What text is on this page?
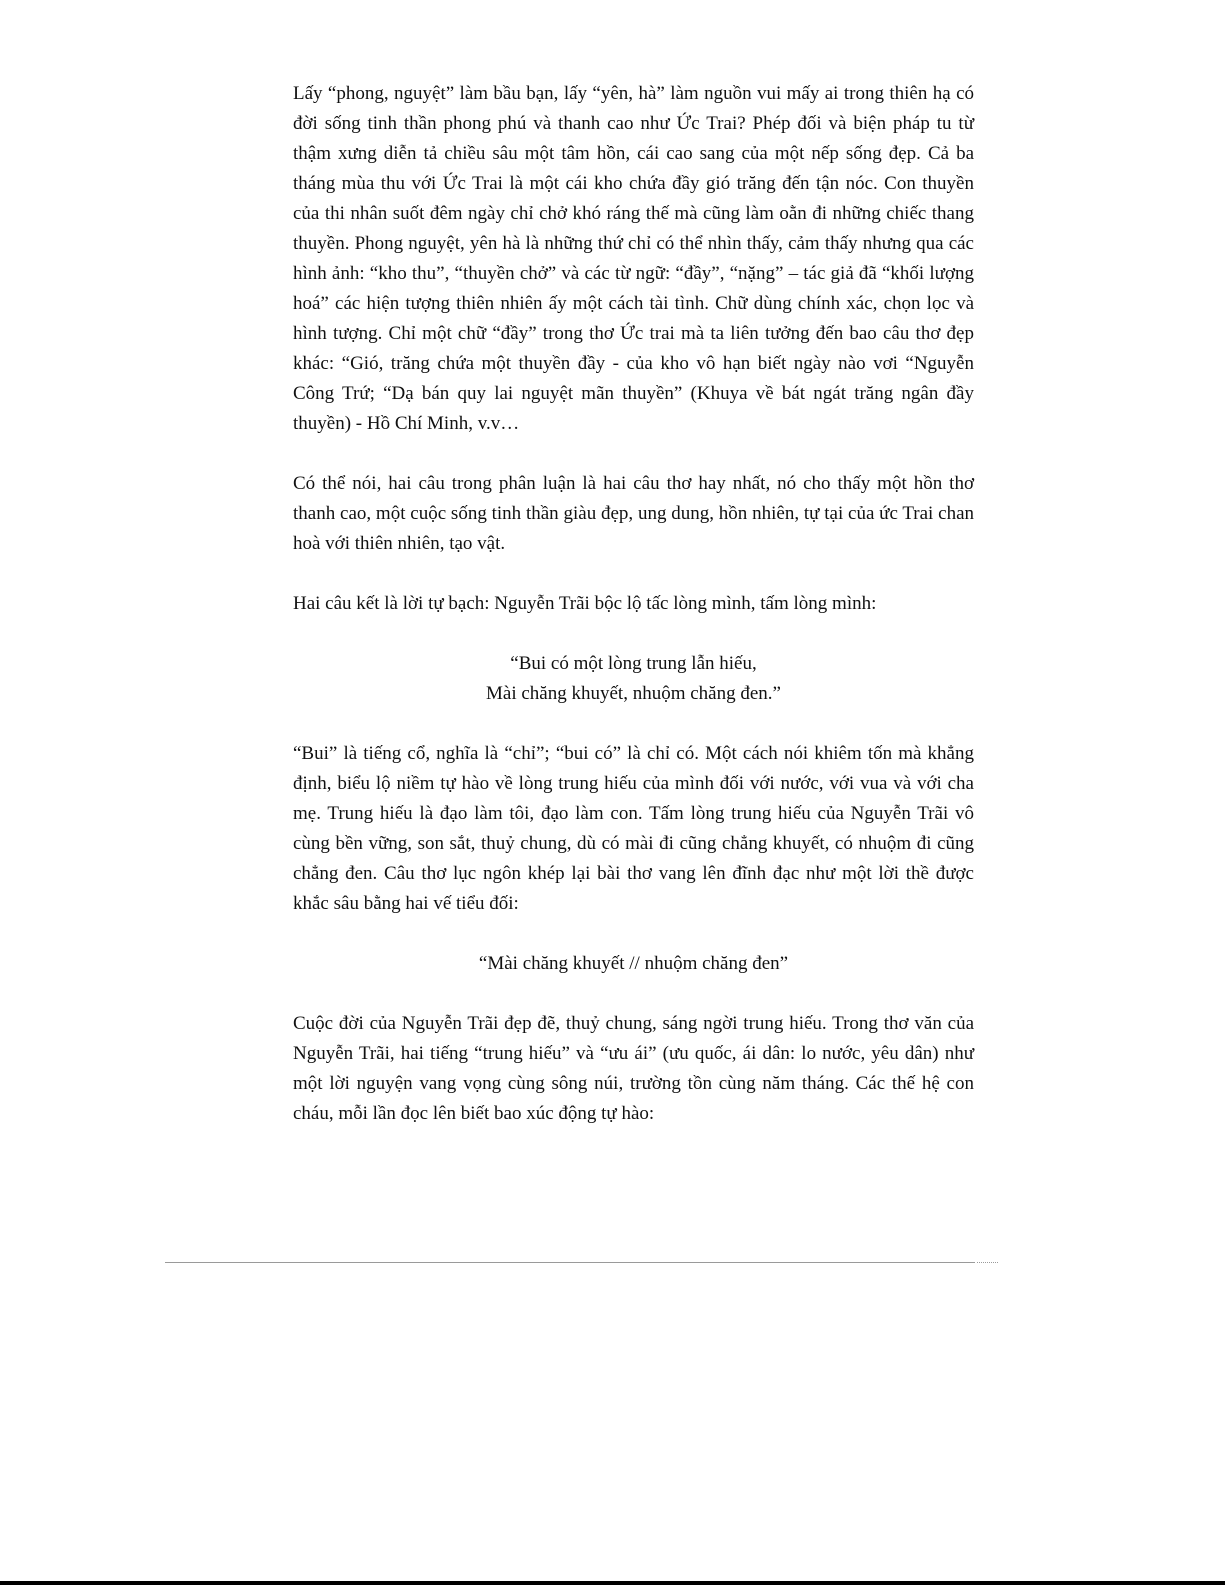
Lấy “phong, nguyệt” làm bầu bạn, lấy “yên, hà” làm nguồn vui mấy ai trong thiên hạ có đời sống tinh thần phong phú và thanh cao như Ức Trai? Phép đối và biện pháp tu từ thậm xưng diễn tả chiều sâu một tâm hồn, cái cao sang của một nếp sống đẹp. Cả ba tháng mùa thu với Ức Trai là một cái kho chứa đầy gió trăng đến tận nóc. Con thuyền của thi nhân suốt đêm ngày chỉ chở khó ráng thế mà cũng làm oằn đi những chiếc thang thuyền. Phong nguyệt, yên hà là những thứ chỉ có thể nhìn thấy, cảm thấy nhưng qua các hình ảnh: “kho thu”, “thuyền chở” và các từ ngữ: “đầy”, “nặng” – tác giả đã “khối lượng hoá” các hiện tượng thiên nhiên ấy một cách tài tình. Chữ dùng chính xác, chọn lọc và hình tượng. Chỉ một chữ “đầy” trong thơ Ức trai mà ta liên tưởng đến bao câu thơ đẹp khác: “Gió, trăng chứa một thuyền đầy - của kho vô hạn biết ngày nào vơi “Nguyễn Công Trứ; “Dạ bán quy lai nguyệt mãn thuyền” (Khuya về bát ngát trăng ngân đầy thuyền) - Hồ Chí Minh, v.v…

Có thể nói, hai câu trong phân luận là hai câu thơ hay nhất, nó cho thấy một hồn thơ thanh cao, một cuộc sống tinh thần giàu đẹp, ung dung, hồn nhiên, tự tại của ức Trai chan hoà với thiên nhiên, tạo vật.

Hai câu kết là lời tự bạch: Nguyễn Trãi bộc lộ tấc lòng mình, tấm lòng mình:

“Bui có một lòng trung lẫn hiếu,
Mài chăng khuyết, nhuộm chăng đen.”

“Bui” là tiếng cổ, nghĩa là “chỉ”; “bui có” là chỉ có. Một cách nói khiêm tốn mà khẳng định, biểu lộ niềm tự hào về lòng trung hiếu của mình đối với nước, với vua và với cha mẹ. Trung hiếu là đạo làm tôi, đạo làm con. Tấm lòng trung hiếu của Nguyễn Trãi vô cùng bền vững, son sắt, thuỷ chung, dù có mài đi cũng chẳng khuyết, có nhuộm đi cũng chẳng đen. Câu thơ lục ngôn khép lại bài thơ vang lên đĩnh đạc như một lời thề được khắc sâu bằng hai vế tiểu đối:

“Mài chăng khuyết // nhuộm chăng đen”

Cuộc đời của Nguyễn Trãi đẹp đẽ, thuỷ chung, sáng ngời trung hiếu. Trong thơ văn của Nguyễn Trãi, hai tiếng “trung hiếu” và “ưu ái” (ưu quốc, ái dân: lo nước, yêu dân) như một lời nguyện vang vọng cùng sông núi, trường tồn cùng năm tháng. Các thế hệ con cháu, mỗi lần đọc lên biết bao xúc động tự hào:
